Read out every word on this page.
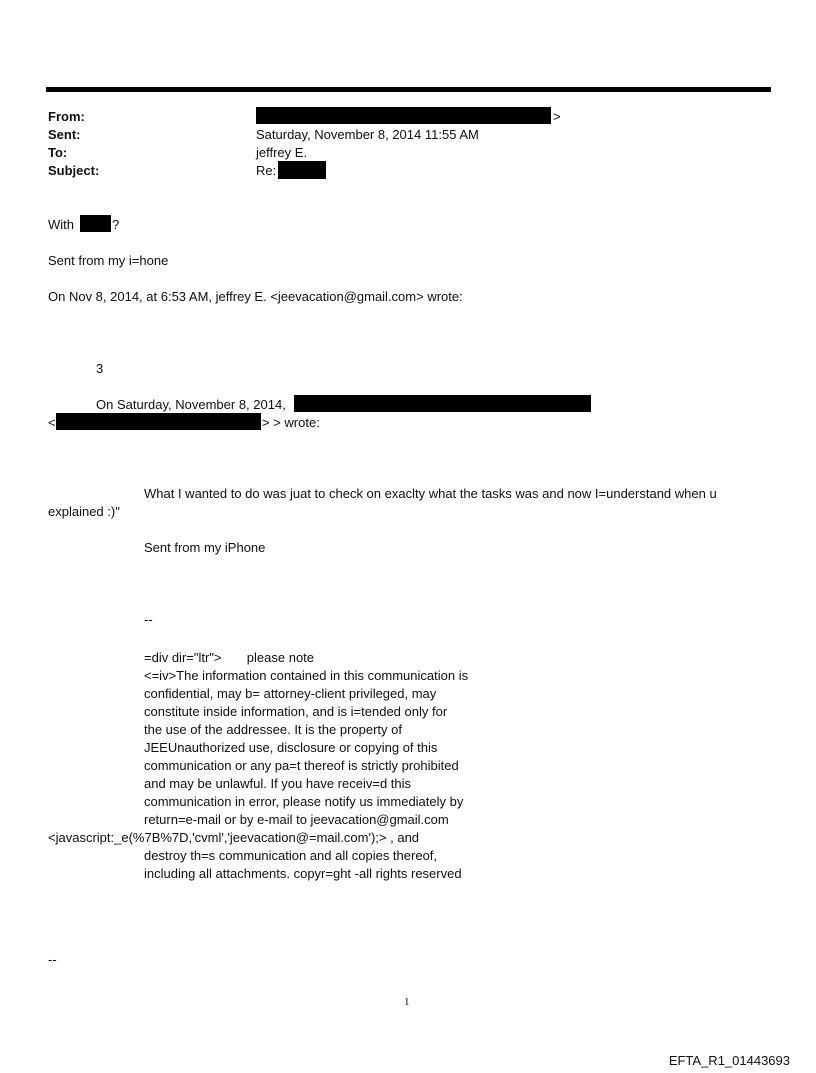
From:	>
Sent:	Saturday, November 8, 2014 11:55 AM
To:	jeffrey E.
Subject:	Re:
With	?
Sent from my i=hone
On Nov 8, 2014, at 6:53 AM, jeffrey E. <jeevacation@gmail.com> wrote:
3
On Saturday, November 8, 2014,
<	> > wrote:
What I wanted to do was juat to check on exaclty what the tasks was and now I=understand when u
explained :)"
Sent from my iPhone
--
=div dir="ltr">       please note
<=iv>The information contained in this communication is
confidential, may b= attorney-client privileged, may
constitute inside information, and is i=tended only for
the use of the addressee. It is the property of
JEEUnauthorized use, disclosure or copying of this
communication or any pa=t thereof is strictly prohibited
and may be unlawful. If you have receiv=d this
communication in error, please notify us immediately by
return=e-mail or by e-mail to jeevacation@gmail.com
<javascript:_e(%7B%7D,'cvml','jeevacation@=mail.com');> , and
destroy th=s communication and all copies thereof,
including all attachments. copyr=ght -all rights reserved
--
1
EFTA_R1_01443693
